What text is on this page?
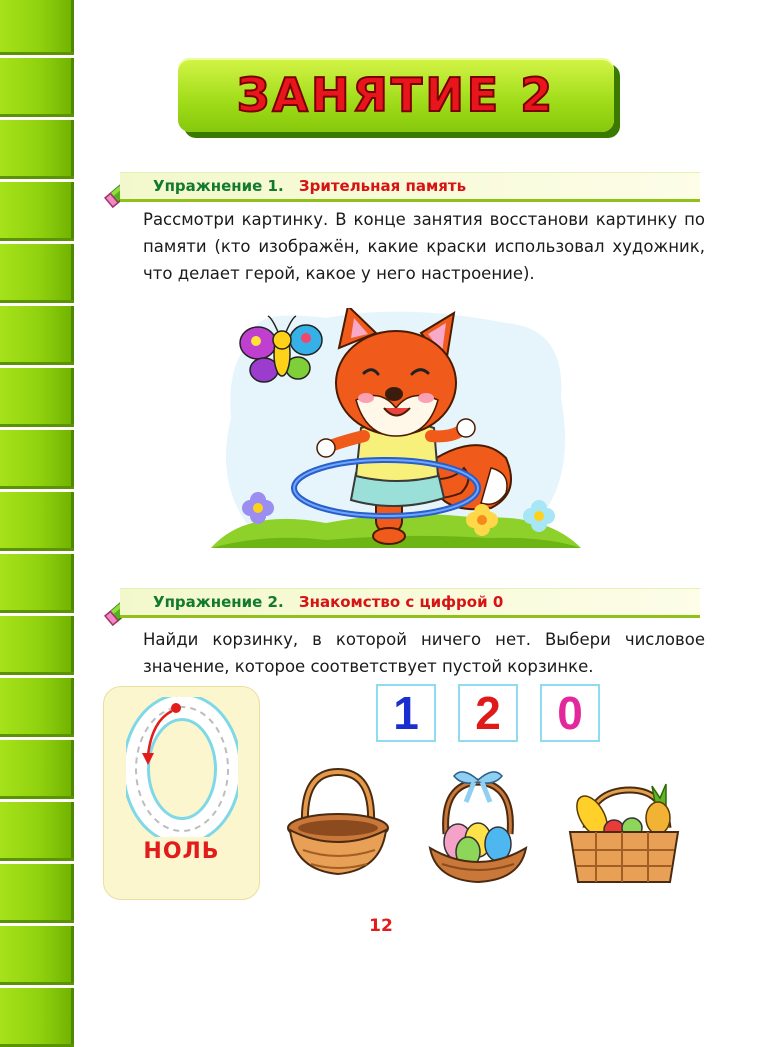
ЗАНЯТИЕ 2
Упражнение 1. Зрительная память
Рассмотри картинку. В конце занятия восстанови картинку по памяти (кто изображён, какие краски использовал художник, что делает герой, какое у него настроение).
Упражнение 2. Знакомство с цифрой 0
Найди корзинку, в которой ничего нет. Выбери числовое значение, которое соответствует пустой корзинке.
НОЛЬ
1	2	0
12
